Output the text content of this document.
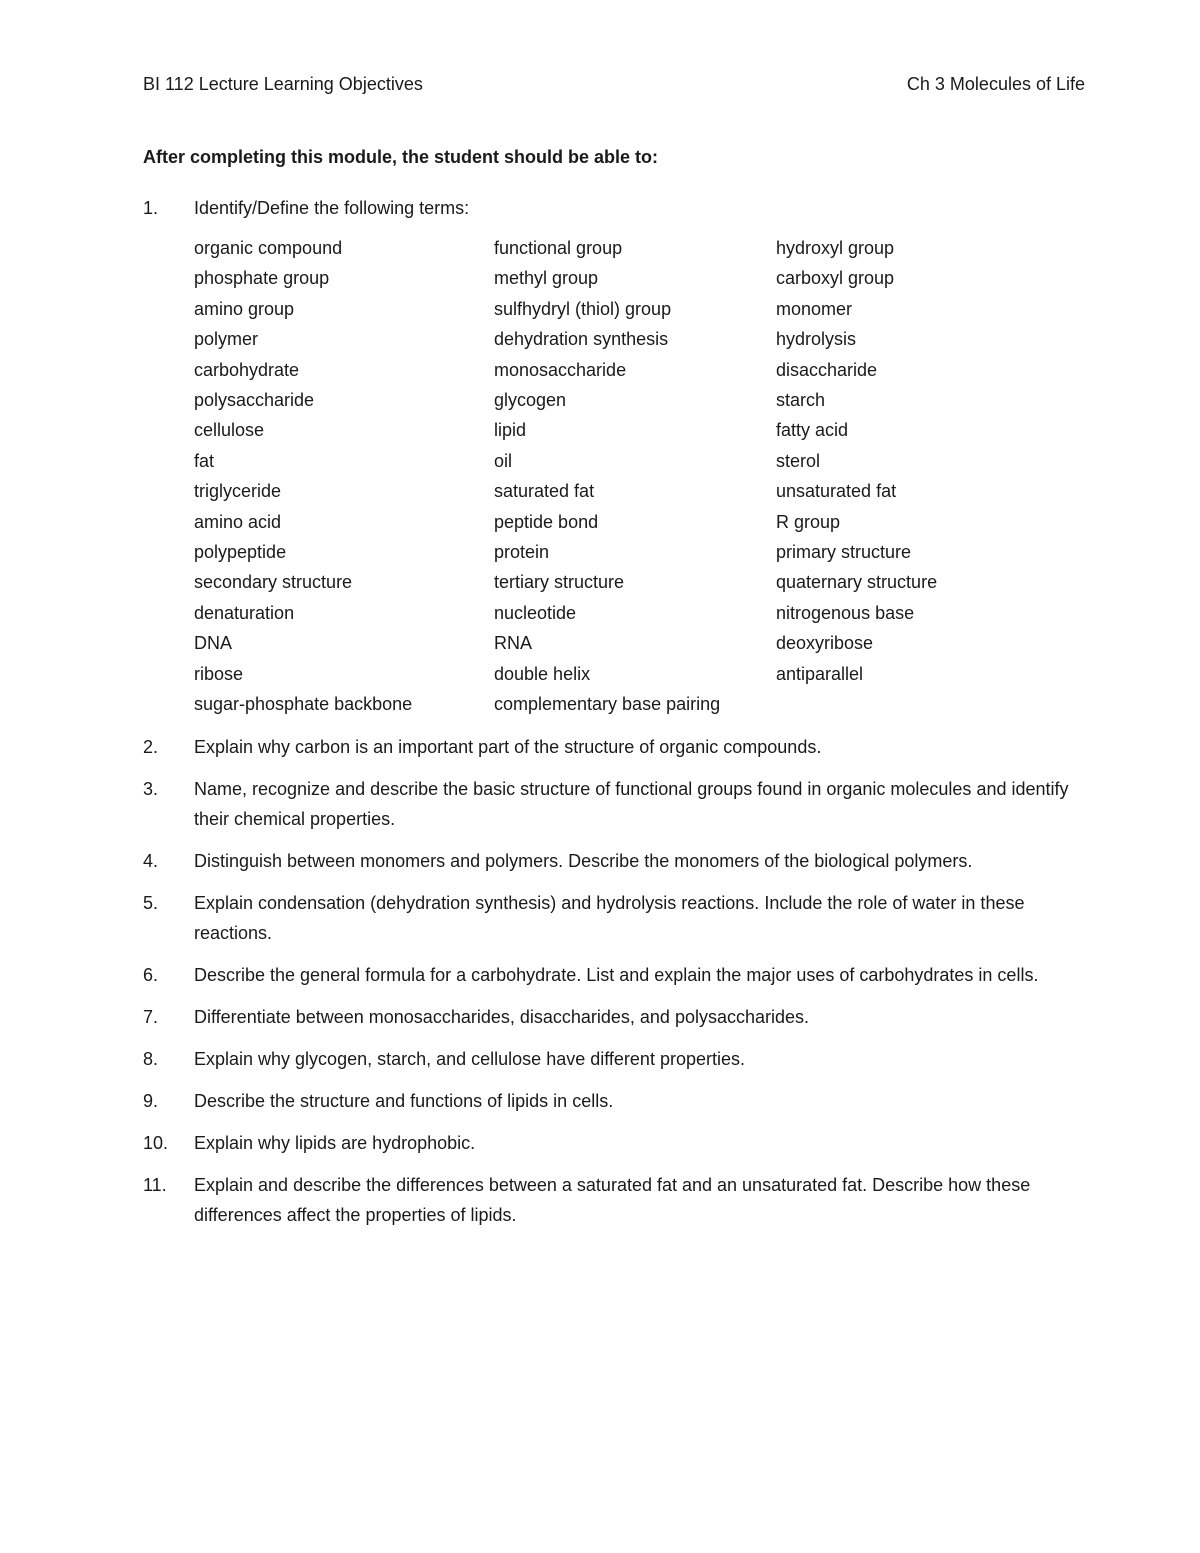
BI 112 Lecture Learning Objectives	Ch 3 Molecules of Life
After completing this module, the student should be able to:
1.	Identify/Define the following terms:
organic compound	functional group	hydroxyl group
phosphate group	methyl group	carboxyl group
amino group	sulfhydryl (thiol) group	monomer
polymer	dehydration synthesis	hydrolysis
carbohydrate	monosaccharide	disaccharide
polysaccharide	glycogen	starch
cellulose	lipid	fatty acid
fat	oil	sterol
triglyceride	saturated fat	unsaturated fat
amino acid	peptide bond	R group
polypeptide	protein	primary structure
secondary structure	tertiary structure	quaternary structure
denaturation	nucleotide	nitrogenous base
DNA	RNA	deoxyribose
ribose	double helix	antiparallel
sugar-phosphate backbone	complementary base pairing
2.	Explain why carbon is an important part of the structure of organic compounds.
3.	Name, recognize and describe the basic structure of functional groups found in organic molecules and identify their chemical properties.
4.	Distinguish between monomers and polymers. Describe the monomers of the biological polymers.
5.	Explain condensation (dehydration synthesis) and hydrolysis reactions. Include the role of water in these reactions.
6.	Describe the general formula for a carbohydrate. List and explain the major uses of carbohydrates in cells.
7.	Differentiate between monosaccharides, disaccharides, and polysaccharides.
8.	Explain why glycogen, starch, and cellulose have different properties.
9.	Describe the structure and functions of lipids in cells.
10.	Explain why lipids are hydrophobic.
11.	Explain and describe the differences between a saturated fat and an unsaturated fat. Describe how these differences affect the properties of lipids.
